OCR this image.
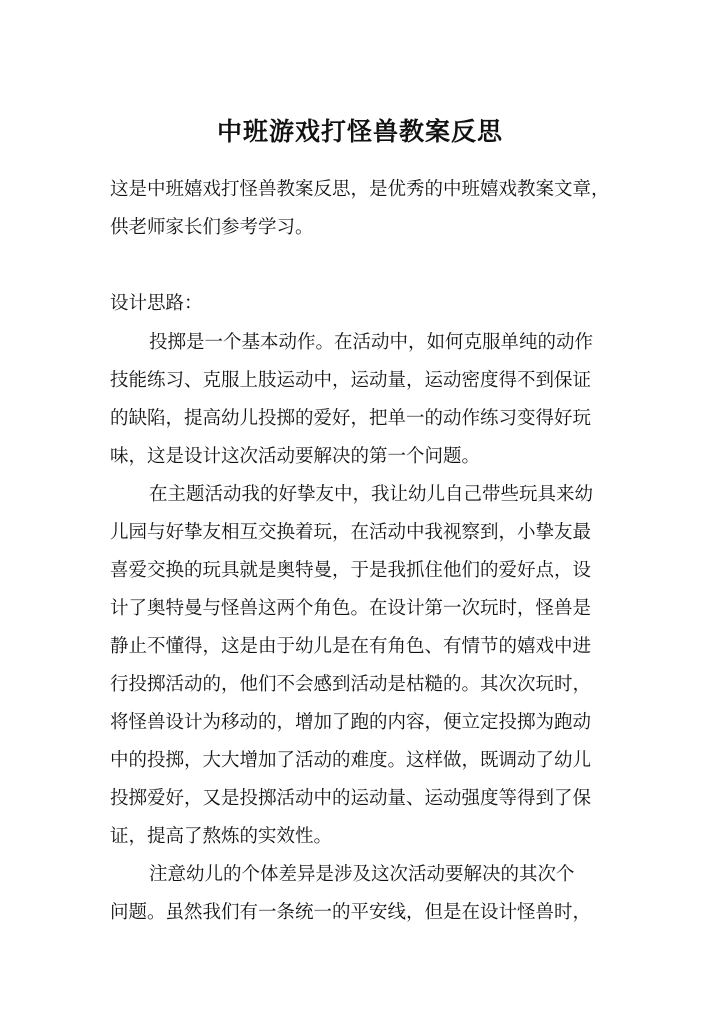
中班游戏打怪兽教案反思
这是中班嬉戏打怪兽教案反思，是优秀的中班嬉戏教案文章，
供老师家长们参考学习。
设计思路：
投掷是一个基本动作。在活动中，如何克服单纯的动作
技能练习、克服上肢运动中，运动量，运动密度得不到保证
的缺陷，提高幼儿投掷的爱好，把单一的动作练习变得好玩
味，这是设计这次活动要解决的第一个问题。
在主题活动我的好挚友中，我让幼儿自己带些玩具来幼
儿园与好挚友相互交换着玩，在活动中我视察到，小挚友最
喜爱交换的玩具就是奥特曼，于是我抓住他们的爱好点，设
计了奥特曼与怪兽这两个角色。在设计第一次玩时，怪兽是
静止不懂得，这是由于幼儿是在有角色、有情节的嬉戏中进
行投掷活动的，他们不会感到活动是枯糙的。其次次玩时，
将怪兽设计为移动的，增加了跑的内容，便立定投掷为跑动
中的投掷，大大增加了活动的难度。这样做，既调动了幼儿
投掷爱好，又是投掷活动中的运动量、运动强度等得到了保
证，提高了熬炼的实效性。
注意幼儿的个体差异是涉及这次活动要解决的其次个
问题。虽然我们有一条统一的平安线，但是在设计怪兽时，
